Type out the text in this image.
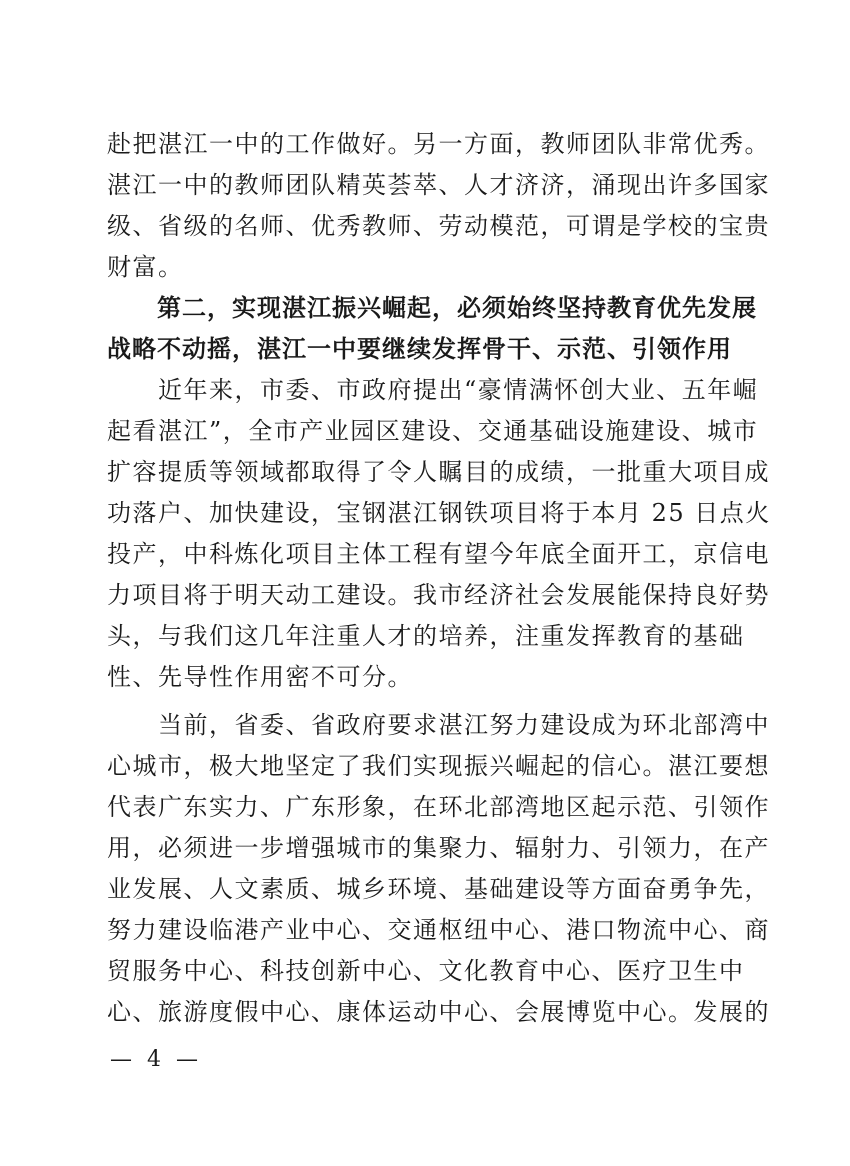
赴把湛江一中的工作做好。另一方面，教师团队非常优秀。
湛江一中的教师团队精英荟萃、人才济济，涌现出许多国家
级、省级的名师、优秀教师、劳动模范，可谓是学校的宝贵
财富。
　　第二，实现湛江振兴崛起，必须始终坚持教育优先发展
战略不动摇，湛江一中要继续发挥骨干、示范、引领作用
　　近年来，市委、市政府提出“豪情满怀创大业、五年崛
起看湛江”，全市产业园区建设、交通基础设施建设、城市
扩容提质等领域都取得了令人瞩目的成绩，一批重大项目成
功落户、加快建设，宝钢湛江钢铁项目将于本月 25 日点火
投产，中科炼化项目主体工程有望今年底全面开工，京信电
力项目将于明天动工建设。我市经济社会发展能保持良好势
头，与我们这几年注重人才的培养，注重发挥教育的基础
性、先导性作用密不可分。
　　当前，省委、省政府要求湛江努力建设成为环北部湾中
心城市，极大地坚定了我们实现振兴崛起的信心。湛江要想
代表广东实力、广东形象，在环北部湾地区起示范、引领作
用，必须进一步增强城市的集聚力、辐射力、引领力，在产
业发展、人文素质、城乡环境、基础建设等方面奋勇争先，
努力建设临港产业中心、交通枢纽中心、港口物流中心、商
贸服务中心、科技创新中心、文化教育中心、医疗卫生中
心、旅游度假中心、康体运动中心、会展博览中心。发展的
— 4 —
